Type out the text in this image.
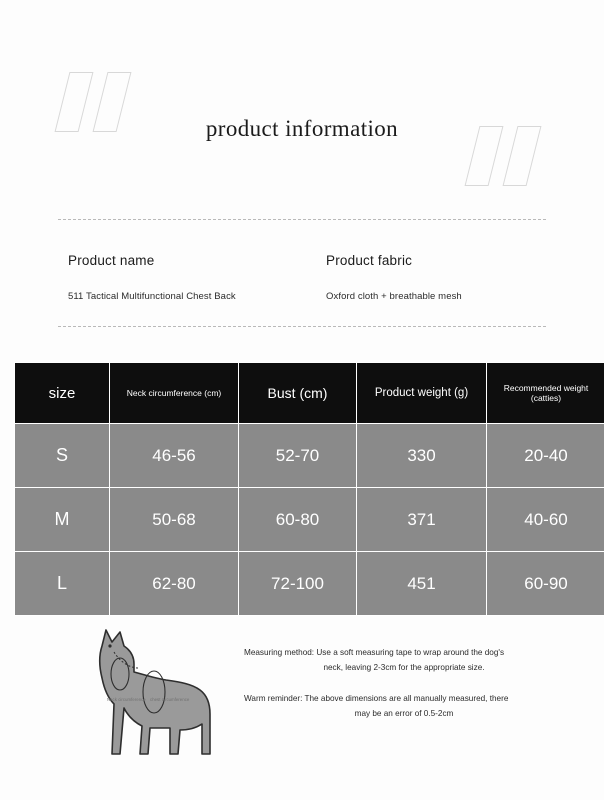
product information
Product name	Product fabric
511 Tactical Multifunctional Chest Back	Oxford cloth + breathable mesh
size	Neck circumference (cm)	Bust (cm)	Product weight (g)	Recommended weight (catties)
S	46-56	52-70	330	20-40
M	50-68	60-80	371	40-60
L	62-80	72-100	451	60-90
Neck circumference chest circumference
Measuring method: Use a soft measuring tape to wrap around the dog's
neck, leaving 2-3cm for the appropriate size.
Warm reminder: The above dimensions are all manually measured, there
may be an error of 0.5-2cm
